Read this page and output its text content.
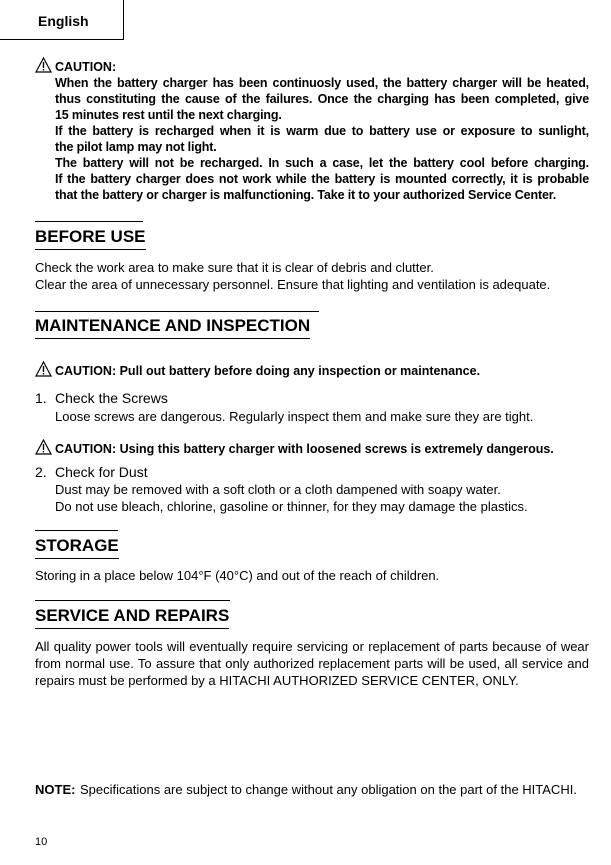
English
CAUTION:

When the battery charger has been continuosly used, the battery charger will be heated,

thus constituting the cause of the failures. Once the charging has been completed, give

15 minutes rest until the next charging.

If the battery is recharged when it is warm due to battery use or exposure to sunlight,

the pilot lamp may not light.

The battery will not be recharged. In such a case, let the battery cool before charging.

If the battery charger does not work while the battery is mounted correctly, it is probable

that the battery or charger is malfunctioning. Take it to your authorized Service Center.

BEFORE USE

Check the work area to make sure that it is clear of debris and clutter.

Clear the area of unnecessary personnel. Ensure that lighting and ventilation is adequate.

MAINTENANCE AND INSPECTION
CAUTION: Pull out battery before doing any inspection or maintenance.
1. Check the Screws

Loose screws are dangerous. Regularly inspect them and make sure they are tight.

CAUTION: Using this battery charger with loosened screws is extremely dangerous.
2. Check for Dust

Dust may be removed with a soft cloth or a cloth dampened with soapy water.

Do not use bleach, chlorine, gasoline or thinner, for they may damage the plastics.

STORAGE

Storing in a place below 104°F (40°C) and out of the reach of children.

SERVICE AND REPAIRS

All quality power tools will eventually require servicing or replacement of parts because of wear from normal use. To assure that only authorized replacement parts will be used, all service and repairs must be performed by a HITACHI AUTHORIZED SERVICE CENTER, ONLY.

NOTE: Specifications are subject to change without any obligation on the part of the HITACHI.
10
